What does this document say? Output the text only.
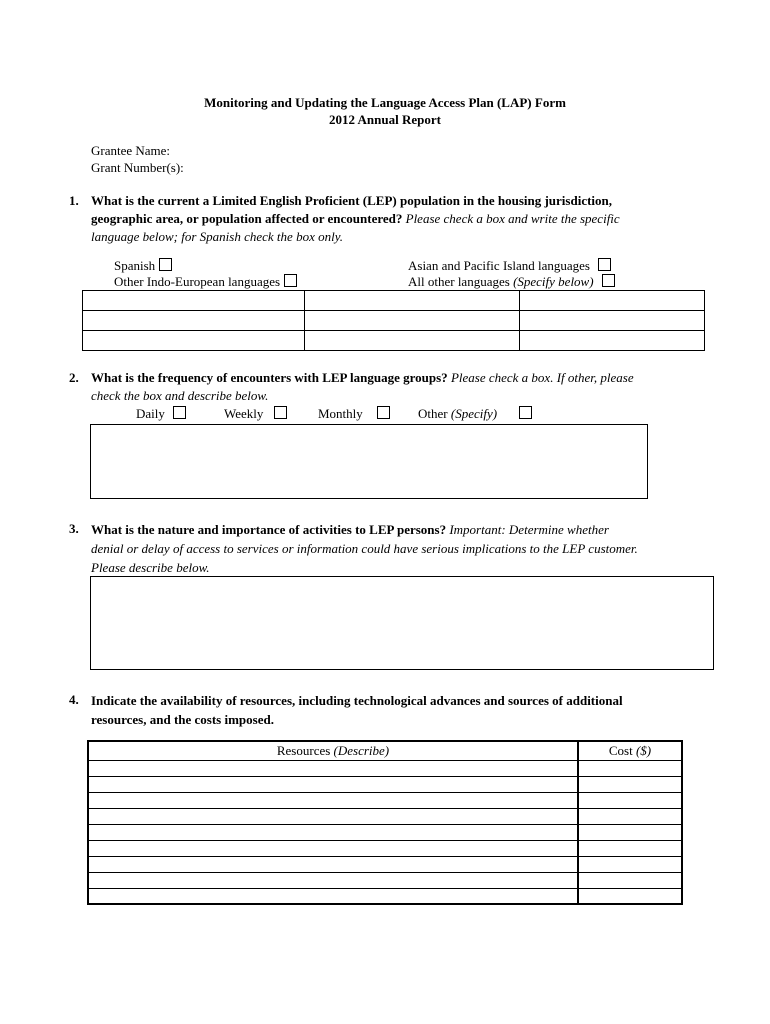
Monitoring and Updating the Language Access Plan (LAP) Form
2012 Annual Report
Grantee Name:
Grant Number(s):
1. What is the current a Limited English Proficient (LEP) population in the housing jurisdiction,
geographic area, or population affected or encountered? Please check a box and write the specific
language below; for Spanish check the box only.
Spanish
Other Indo-European languages
Asian and Pacific Island languages
All other languages (Specify below)

2. What is the frequency of encounters with LEP language groups? Please check a box. If other, please
check the box and describe below.
Daily	Weekly	Monthly	Other (Specify)
3. What is the nature and importance of activities to LEP persons? Important: Determine whether
denial or delay of access to services or information could have serious implications to the LEP customer.
Please describe below.
4. Indicate the availability of resources, including technological advances and sources of additional
resources, and the costs imposed.
Resources (Describe)	Cost ($)
